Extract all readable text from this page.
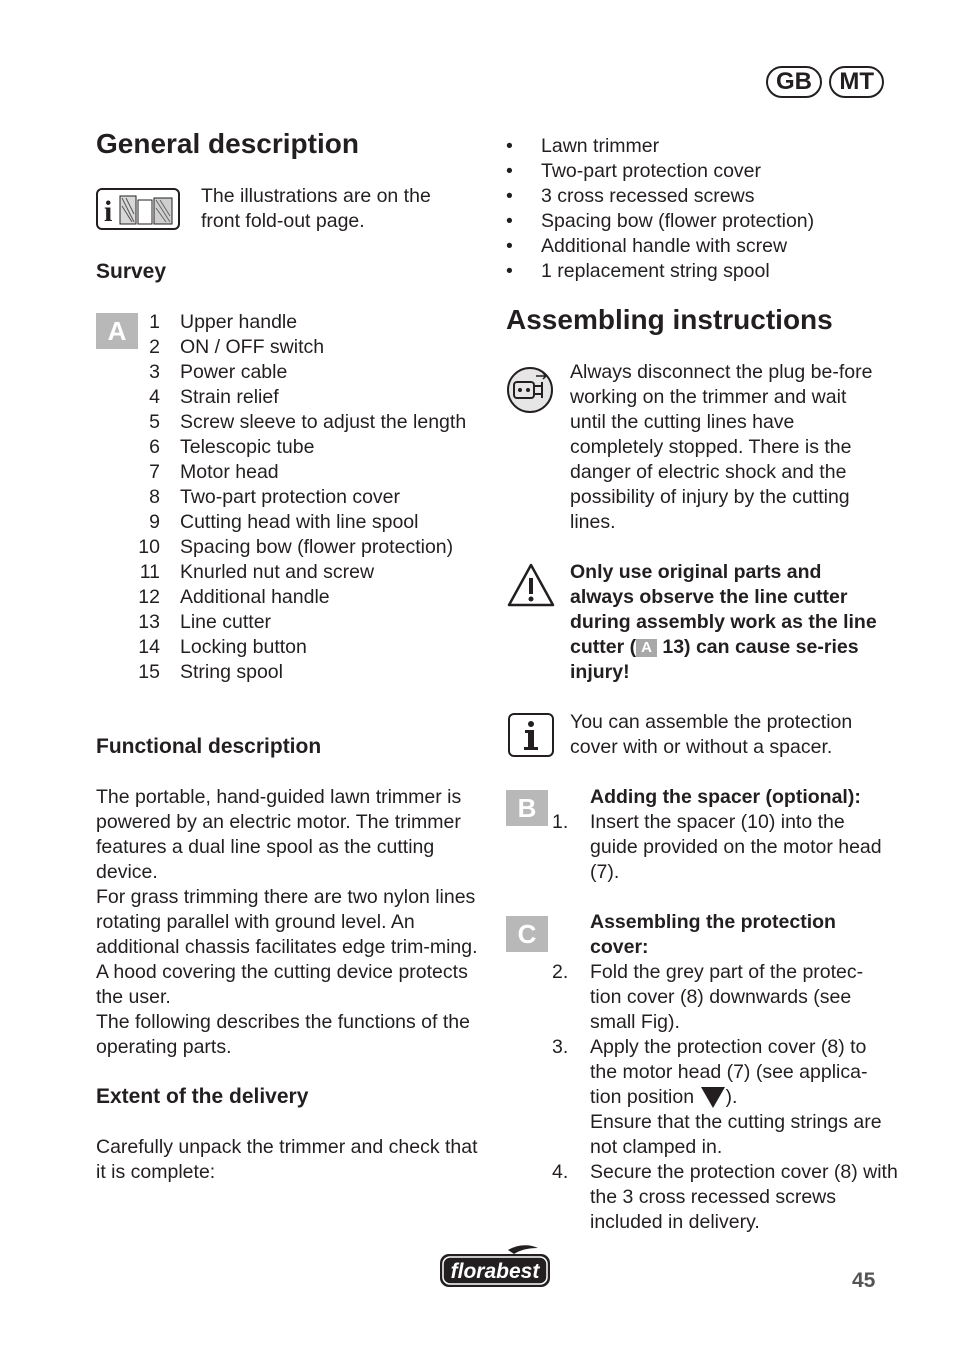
GB MT
General description
i	The illustrations are on the front fold-out page.

Survey
A	1 Upper handle
2 ON / OFF switch
3 Power cable
4 Strain relief
5 Screw sleeve to adjust the length
6 Telescopic tube
7 Motor head
8 Two-part protection cover
9 Cutting head with line spool
10 Spacing bow (flower protection)
11 Knurled nut and screw
12 Additional handle
13 Line cutter
14 Locking button
15 String spool
Functional description

The portable, hand-guided lawn trimmer is powered by an electric motor. The trimmer features a dual line spool as the cutting device.

For grass trimming there are two nylon lines rotating parallel with ground level. An additional chassis facilitates edge trim-ming. A hood covering the cutting device protects the user.

The following describes the functions of the operating parts.

Extent of the delivery

Carefully unpack the trimmer and check that it is complete:

• Lawn trimmer
• Two-part protection cover
• 3 cross recessed screws
• Spacing bow (flower protection)
• Additional handle with screw
• 1 replacement string spool
Assembling instructions

Always disconnect the plug be-fore working on the trimmer and wait until the cutting lines have completely stopped. There is the danger of electric shock and the possibility of injury by the cutting lines.

Only use original parts and always observe the line cutter during assembly work as the line cutter ( A 13) can cause se-ries injury!

You can assemble the protection cover with or without a spacer.

B	Adding the spacer (optional):

1. Insert the spacer (10) into the guide provided on the motor head (7).

C	Assembling the protection cover:

2. Fold the grey part of the protec-tion cover (8) downwards (see small Fig).

3. Apply the protection cover (8) to the motor head (7) (see applica-tion position ).

Ensure that the cutting strings are not clamped in.

4. Secure the protection cover (8) with the 3 cross recessed screws included in delivery.

florabest	45
